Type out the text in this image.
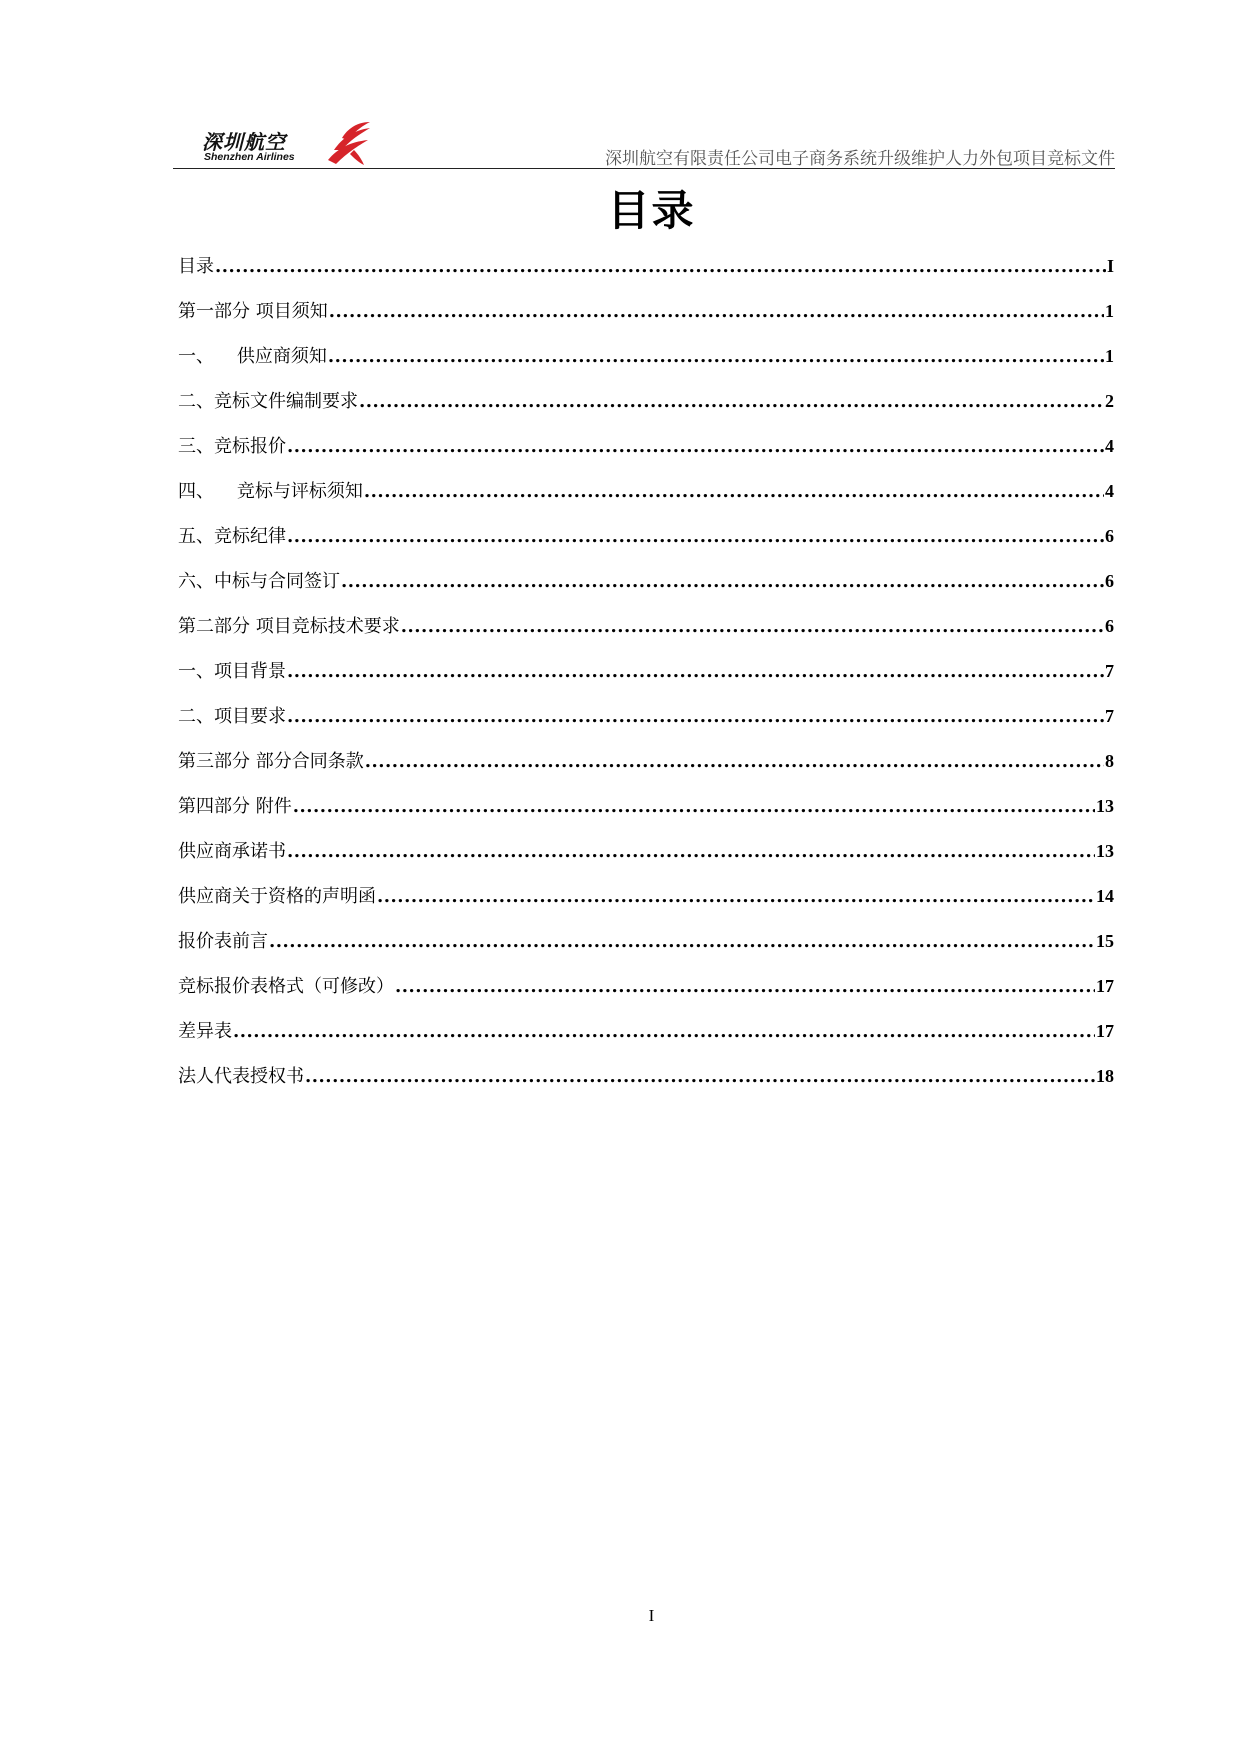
深圳航空
Shenzhen Airlines	深圳航空有限责任公司电子商务系统升级维护人力外包项目竞标文件
目录
目录 .....	I
第一部分 项目须知 .....	1
一、    供应商须知 .....	1
二、竞标文件编制要求 .....	2
三、竞标报价 .....	4
四、    竞标与评标须知 .....	4
五、竞标纪律 .....	6
六、中标与合同签订 .....	6
第二部分 项目竞标技术要求 .....	6
一、项目背景 .....	7
二、项目要求 .....	7
第三部分 部分合同条款 .....	8
第四部分 附件 .....	13
供应商承诺书 .....	13
供应商关于资格的声明函 .....	14
报价表前言 .....	15
竞标报价表格式（可修改） .....	17
差异表 .....	17
法人代表授权书 .....	18
I
